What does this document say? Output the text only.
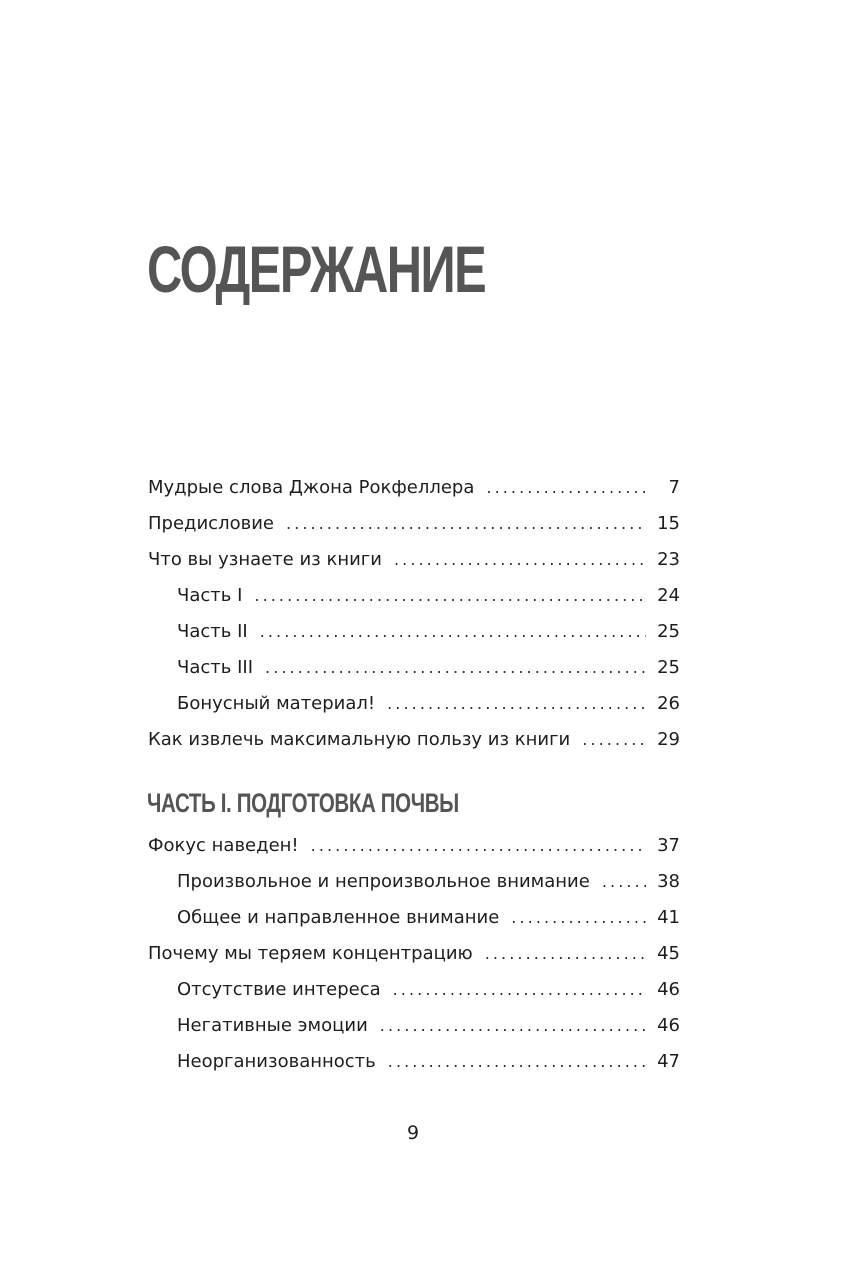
СОДЕРЖАНИЕ
Мудрые слова Джона Рокфеллера . . .	7
Предисловие . . .	15
Что вы узнаете из книги . . .	23
Часть I . . .	24
Часть II . . .	25
Часть III . . .	25
Бонусный материал! . . .	26
Как извлечь максимальную пользу из книги . . .	29
ЧАСТЬ I. ПОДГОТОВКА ПОЧВЫ
Фокус наведен! . . .	37
Произвольное и непроизвольное внимание . . .	38
Общее и направленное внимание . . .	41
Почему мы теряем концентрацию . . .	45
Отсутствие интереса . . .	46
Негативные эмоции . . .	46
Неорганизованность . . .	47
9
